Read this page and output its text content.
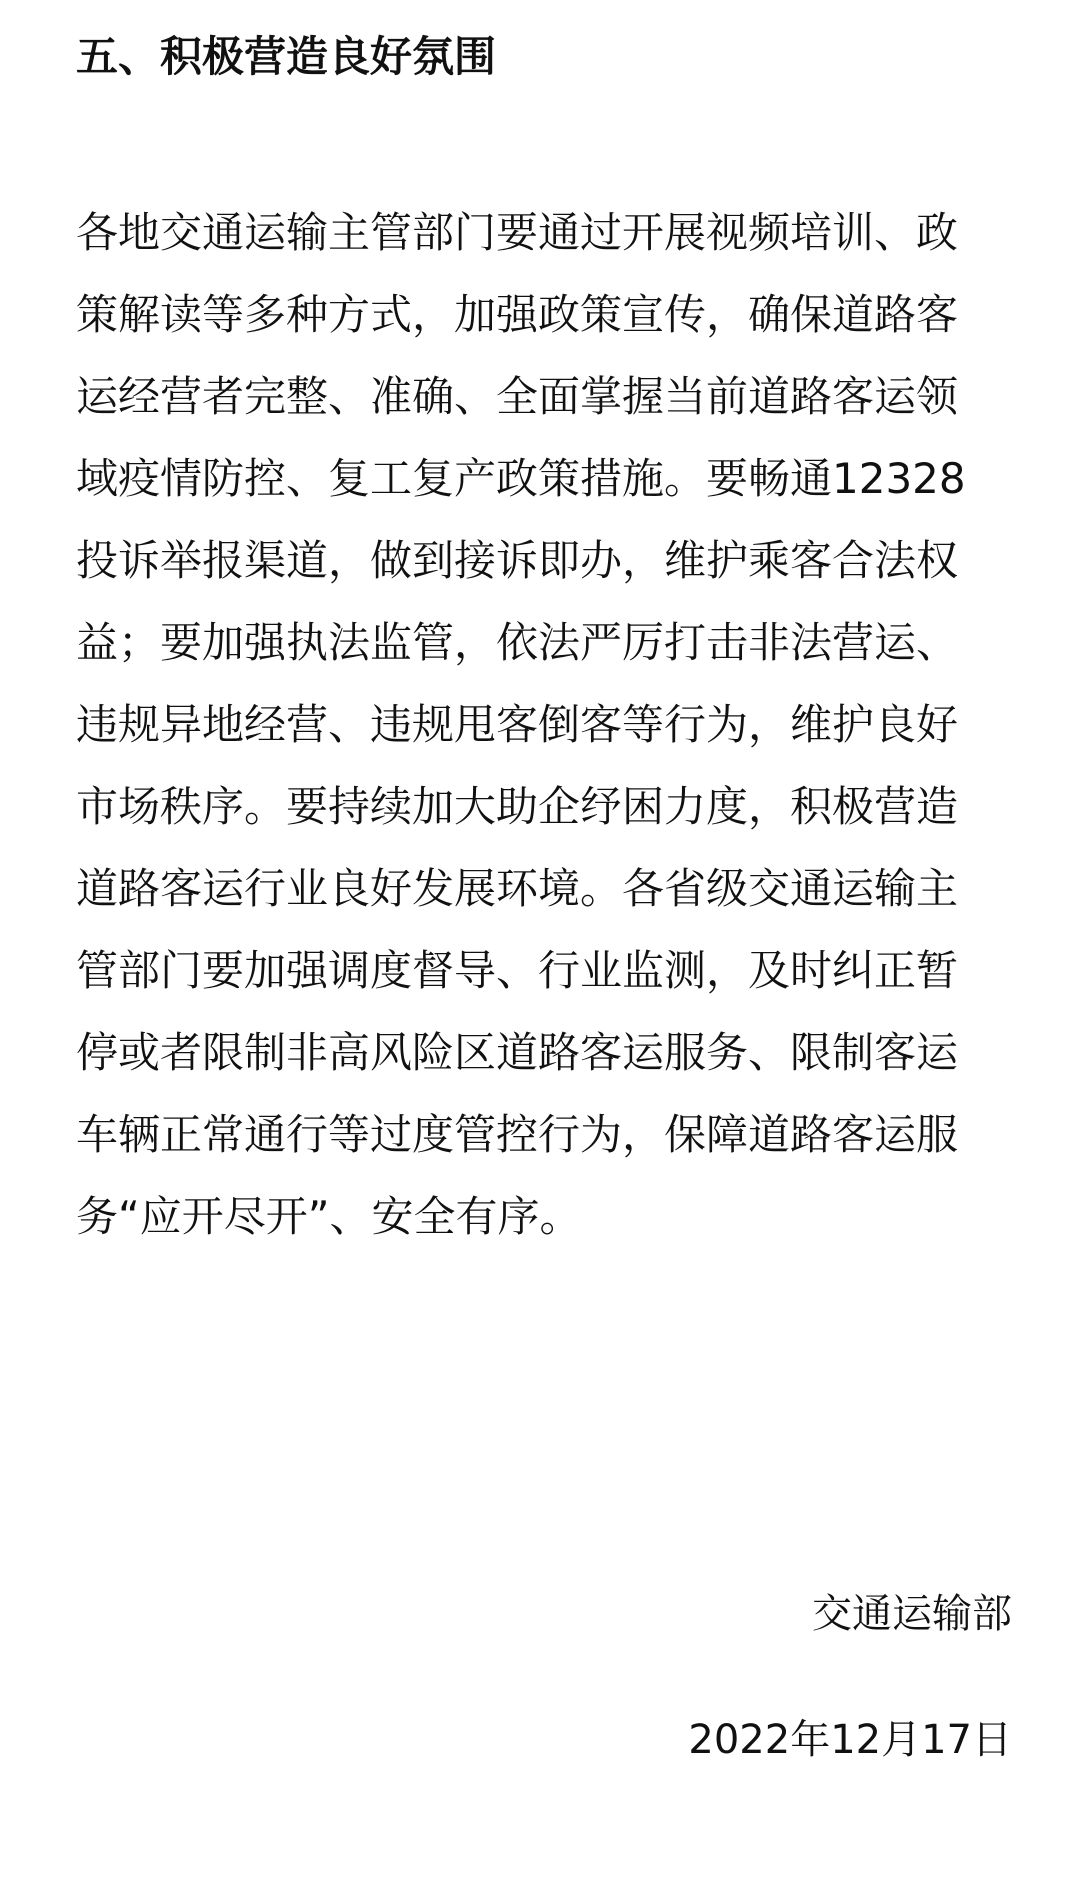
五、积极营造良好氛围
各地交通运输主管部门要通过开展视频培训、政
策解读等多种方式，加强政策宣传，确保道路客
运经营者完整、准确、全面掌握当前道路客运领
域疫情防控、复工复产政策措施。要畅通12328
投诉举报渠道，做到接诉即办，维护乘客合法权
益；要加强执法监管，依法严厉打击非法营运、
违规异地经营、违规甩客倒客等行为，维护良好
市场秩序。要持续加大助企纾困力度，积极营造
道路客运行业良好发展环境。各省级交通运输主
管部门要加强调度督导、行业监测，及时纠正暂
停或者限制非高风险区道路客运服务、限制客运
车辆正常通行等过度管控行为，保障道路客运服
务“应开尽开”、安全有序。
交通运输部
2022年12月17日
